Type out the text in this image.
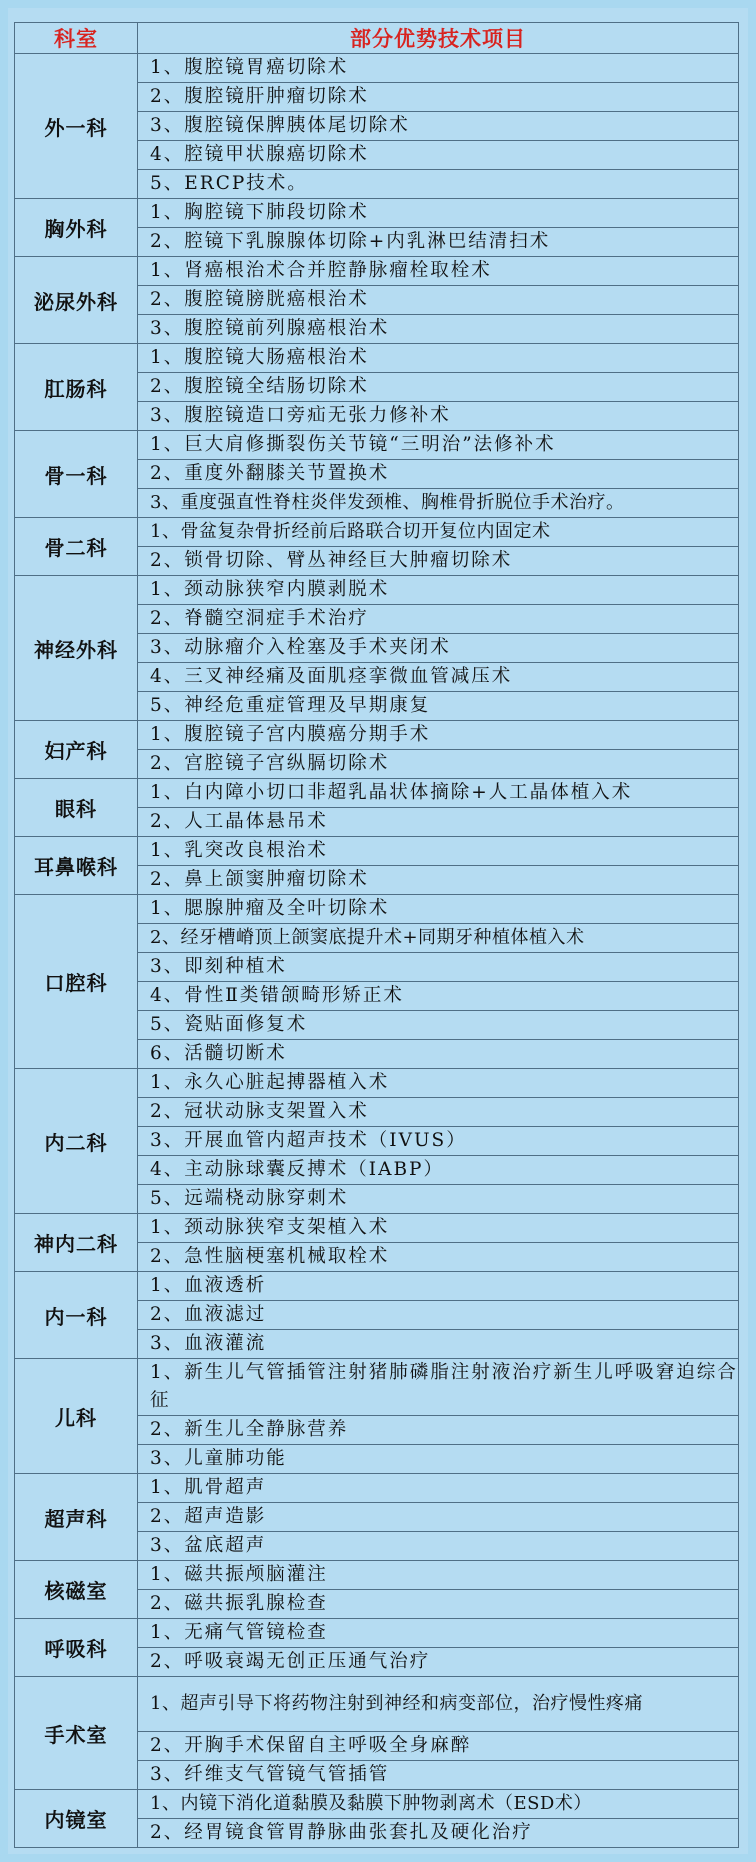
科室	部分优势技术项目
外一科	1、腹腔镜胃癌切除术
	2、腹腔镜肝肿瘤切除术
	3、腹腔镜保脾胰体尾切除术
	4、腔镜甲状腺癌切除术
	5、ERCP技术。
胸外科	1、胸腔镜下肺段切除术
	2、腔镜下乳腺腺体切除+内乳淋巴结清扫术
泌尿外科	1、肾癌根治术合并腔静脉瘤栓取栓术
	2、腹腔镜膀胱癌根治术
	3、腹腔镜前列腺癌根治术
肛肠科	1、腹腔镜大肠癌根治术
	2、腹腔镜全结肠切除术
	3、腹腔镜造口旁疝无张力修补术
骨一科	1、巨大肩修撕裂伤关节镜“三明治”法修补术
	2、重度外翻膝关节置换术
	3、重度强直性脊柱炎伴发颈椎、胸椎骨折脱位手术治疗。
骨二科	1、骨盆复杂骨折经前后路联合切开复位内固定术
	2、锁骨切除、臂丛神经巨大肿瘤切除术
神经外科	1、颈动脉狭窄内膜剥脱术
	2、脊髓空洞症手术治疗
	3、动脉瘤介入栓塞及手术夹闭术
	4、三叉神经痛及面肌痉挛微血管减压术
	5、神经危重症管理及早期康复
妇产科	1、腹腔镜子宫内膜癌分期手术
	2、宫腔镜子宫纵膈切除术
眼科	1、白内障小切口非超乳晶状体摘除+人工晶体植入术
	2、人工晶体悬吊术
耳鼻喉科	1、乳突改良根治术
	2、鼻上颌窦肿瘤切除术
口腔科	1、腮腺肿瘤及全叶切除术
	2、经牙槽嵴顶上颌窦底提升术+同期牙种植体植入术
	3、即刻种植术
	4、骨性Ⅱ类错颌畸形矫正术
	5、瓷贴面修复术
	6、活髓切断术
内二科	1、永久心脏起搏器植入术
	2、冠状动脉支架置入术
	3、开展血管内超声技术（IVUS）
	4、主动脉球囊反搏术（IABP）
	5、远端桡动脉穿刺术
神内二科	1、颈动脉狭窄支架植入术
	2、急性脑梗塞机械取栓术
内一科	1、血液透析
	2、血液滤过
	3、血液灌流
儿科	1、新生儿气管插管注射猪肺磷脂注射液治疗新生儿呼吸窘迫综合征
	2、新生儿全静脉营养
	3、儿童肺功能
超声科	1、肌骨超声
	2、超声造影
	3、盆底超声
核磁室	1、磁共振颅脑灌注
	2、磁共振乳腺检查
呼吸科	1、无痛气管镜检查
	2、呼吸衰竭无创正压通气治疗
手术室	1、超声引导下将药物注射到神经和病变部位，治疗慢性疼痛
	2、开胸手术保留自主呼吸全身麻醉
	3、纤维支气管镜气管插管
内镜室	1、内镜下消化道黏膜及黏膜下肿物剥离术（ESD术）
	2、经胃镜食管胃静脉曲张套扎及硬化治疗
